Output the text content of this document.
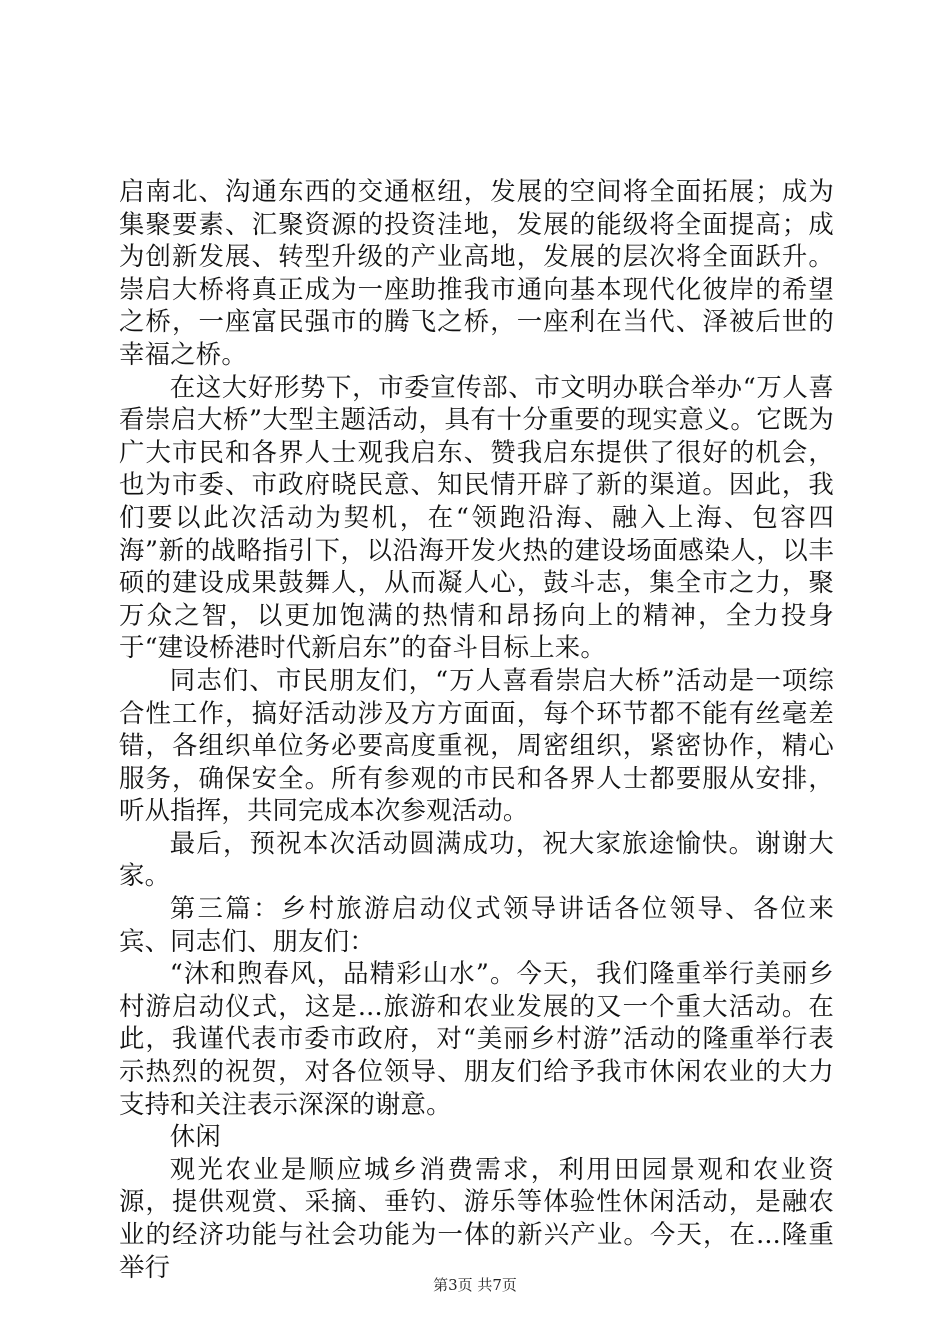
启南北、沟通东西的交通枢纽，发展的空间将全面拓展；成为集聚要素、汇聚资源的投资洼地，发展的能级将全面提高；成为创新发展、转型升级的产业高地，发展的层次将全面跃升。崇启大桥将真正成为一座助推我市通向基本现代化彼岸的希望之桥，一座富民强市的腾飞之桥，一座利在当代、泽被后世的幸福之桥。

在这大好形势下，市委宣传部、市文明办联合举办“万人喜看崇启大桥”大型主题活动，具有十分重要的现实意义。它既为广大市民和各界人士观我启东、赞我启东提供了很好的机会，也为市委、市政府晓民意、知民情开辟了新的渠道。因此，我们要以此次活动为契机，在“领跑沿海、融入上海、包容四海”新的战略指引下，以沿海开发火热的建设场面感染人，以丰硕的建设成果鼓舞人，从而凝人心，鼓斗志，集全市之力，聚万众之智，以更加饱满的热情和昂扬向上的精神，全力投身于“建设桥港时代新启东”的奋斗目标上来。

同志们、市民朋友们，“万人喜看崇启大桥”活动是一项综合性工作，搞好活动涉及方方面面，每个环节都不能有丝毫差错，各组织单位务必要高度重视，周密组织，紧密协作，精心服务，确保安全。所有参观的市民和各界人士都要服从安排，听从指挥，共同完成本次参观活动。

最后，预祝本次活动圆满成功，祝大家旅途愉快。谢谢大家。

第三篇：乡村旅游启动仪式领导讲话各位领导、各位来宾、同志们、朋友们：

“沐和煦春风，品精彩山水”。今天，我们隆重举行美丽乡村游启动仪式，这是...旅游和农业发展的又一个重大活动。在此，我谨代表市委市政府，对“美丽乡村游”活动的隆重举行表示热烈的祝贺，对各位领导、朋友们给予我市休闲农业的大力支持和关注表示深深的谢意。

休闲

观光农业是顺应城乡消费需求，利用田园景观和农业资源，提供观赏、采摘、垂钓、游乐等体验性休闲活动，是融农业的经济功能与社会功能为一体的新兴产业。今天，在...隆重举行

第3页 共7页
